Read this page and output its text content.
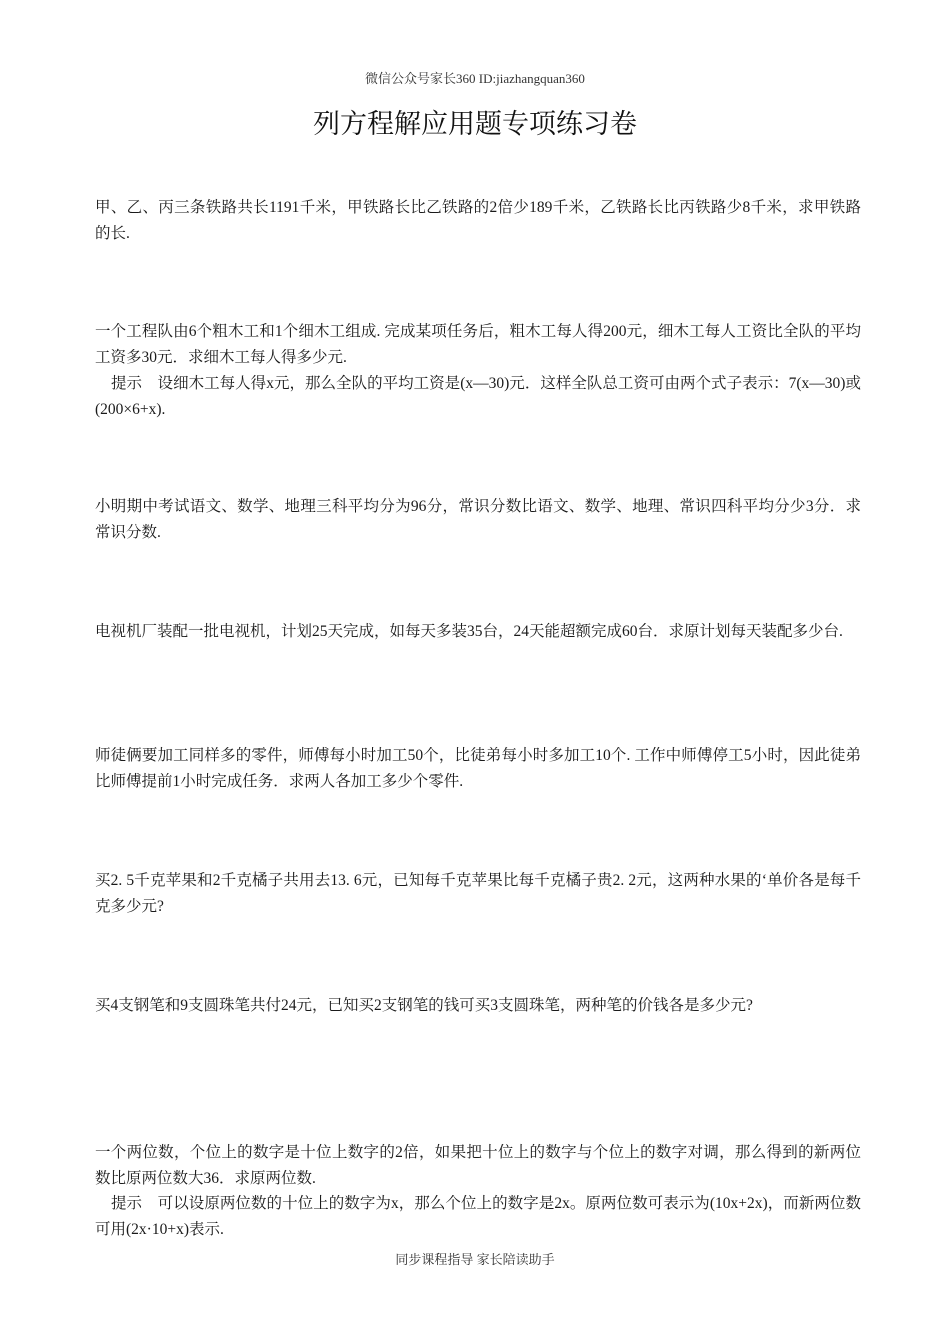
微信公众号家长360 ID:jiazhangquan360
列方程解应用题专项练习卷

甲、乙、丙三条铁路共长1191千米，甲铁路长比乙铁路的2倍少189千米，乙铁路长比丙铁路少8千米，求甲铁路的长.

一个工程队由6个粗木工和1个细木工组成. 完成某项任务后，粗木工每人得200元，细木工每人工资比全队的平均工资多30元．求细木工每人得多少元.

提示　设细木工每人得x元，那么全队的平均工资是(x—30)元．这样全队总工资可由两个式子表示：7(x—30)或(200×6+x).

小明期中考试语文、数学、地理三科平均分为96分，常识分数比语文、数学、地理、常识四科平均分少3分．求常识分数.

电视机厂装配一批电视机，计划25天完成，如每天多装35台，24天能超额完成60台．求原计划每天装配多少台.

师徒俩要加工同样多的零件，师傅每小时加工50个，比徒弟每小时多加工10个. 工作中师傅停工5小时，因此徒弟比师傅提前1小时完成任务．求两人各加工多少个零件.

买2. 5千克苹果和2千克橘子共用去13. 6元，已知每千克苹果比每千克橘子贵2. 2元，这两种水果的‘单价各是每千克多少元?

买4支钢笔和9支圆珠笔共付24元，已知买2支钢笔的钱可买3支圆珠笔，两种笔的价钱各是多少元?

一个两位数，个位上的数字是十位上数字的2倍，如果把十位上的数字与个位上的数字对调，那么得到的新两位数比原两位数大36．求原两位数.

提示　可以设原两位数的十位上的数字为x，那么个位上的数字是2x。原两位数可表示为(10x+2x)，而新两位数可用(2x·10+x)表示.

同步课程指导 家长陪读助手
